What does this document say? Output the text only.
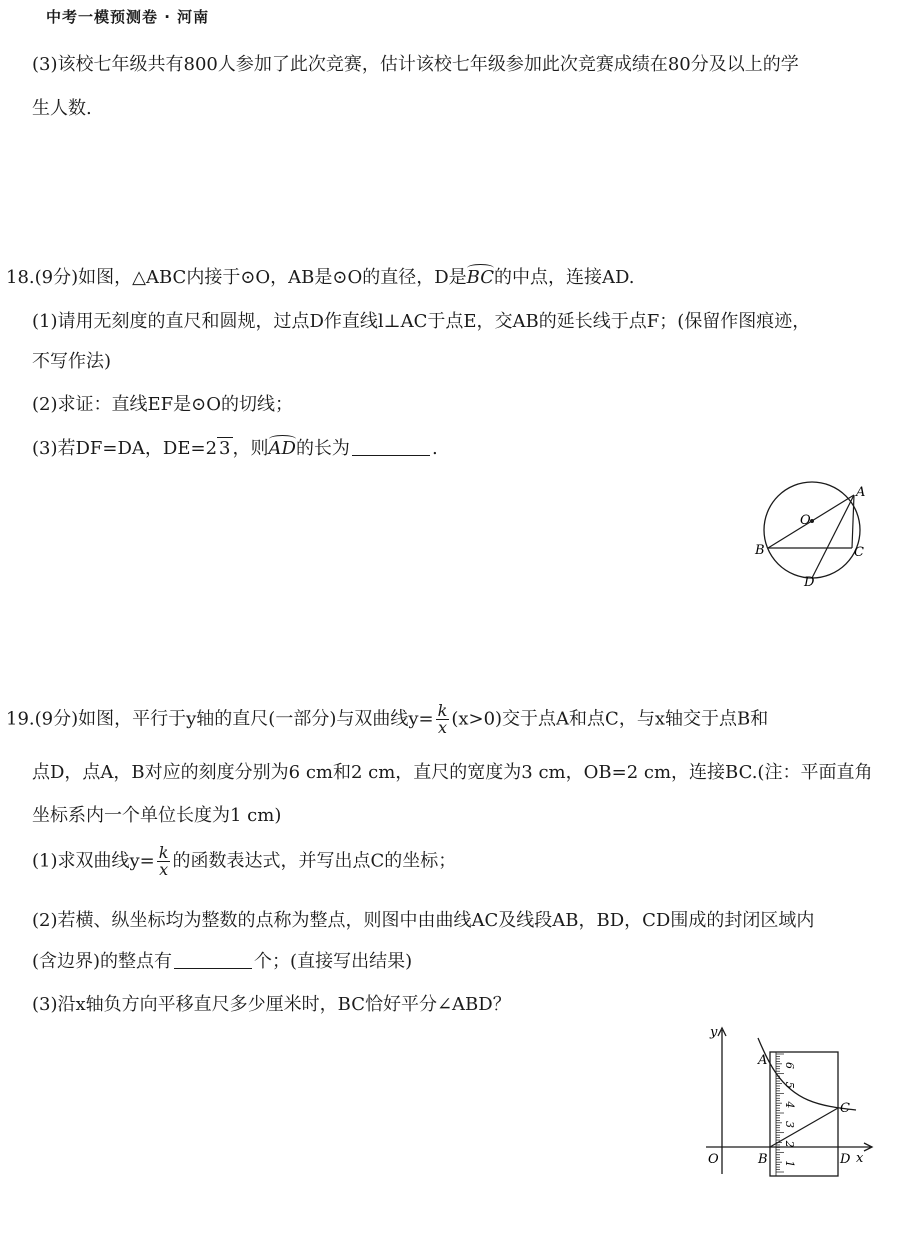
中考一模预测卷 · 河南
(3)该校七年级共有800人参加了此次竞赛，估计该校七年级参加此次竞赛成绩在80分及以上的学
生人数.
18.(9分)如图，△ABC内接于⊙O，AB是⊙O的直径，D是BC的中点，连接AD.
(1)请用无刻度的直尺和圆规，过点D作直线l⊥AC于点E，交AB的延长线于点F；(保留作图痕迹，
不写作法)
(2)求证：直线EF是⊙O的切线；
(3)若DF=DA，DE=2 3 ，则AD的长为	.
A
B	C
D
O
19.(9分)如图，平行于y轴的直尺(一部分)与双曲线$y= \frac{k}{x} (x>0)$交于点A和点C，与x轴交于点B和
点D，点A，B对应的刻度分别为6 cm和2 cm，直尺的宽度为3 cm，OB=2 cm，连接BC.(注：平面直角
坐标系内一个单位长度为1 cm)
(1)求双曲线$y= \frac{k}{x}$ 的函数表达式，并写出点C的坐标；
(2)若横、纵坐标均为整数的点称为整点，则图中由曲线AC及线段AB，BD，CD围成的封闭区域内
(含边界)的整点有	个；(直接写出结果)
(3)沿x轴负方向平移直尺多少厘米时，BC恰好平分∠ABD？
y
x
O
A
B
C
D
1
2
3
4
5
6
